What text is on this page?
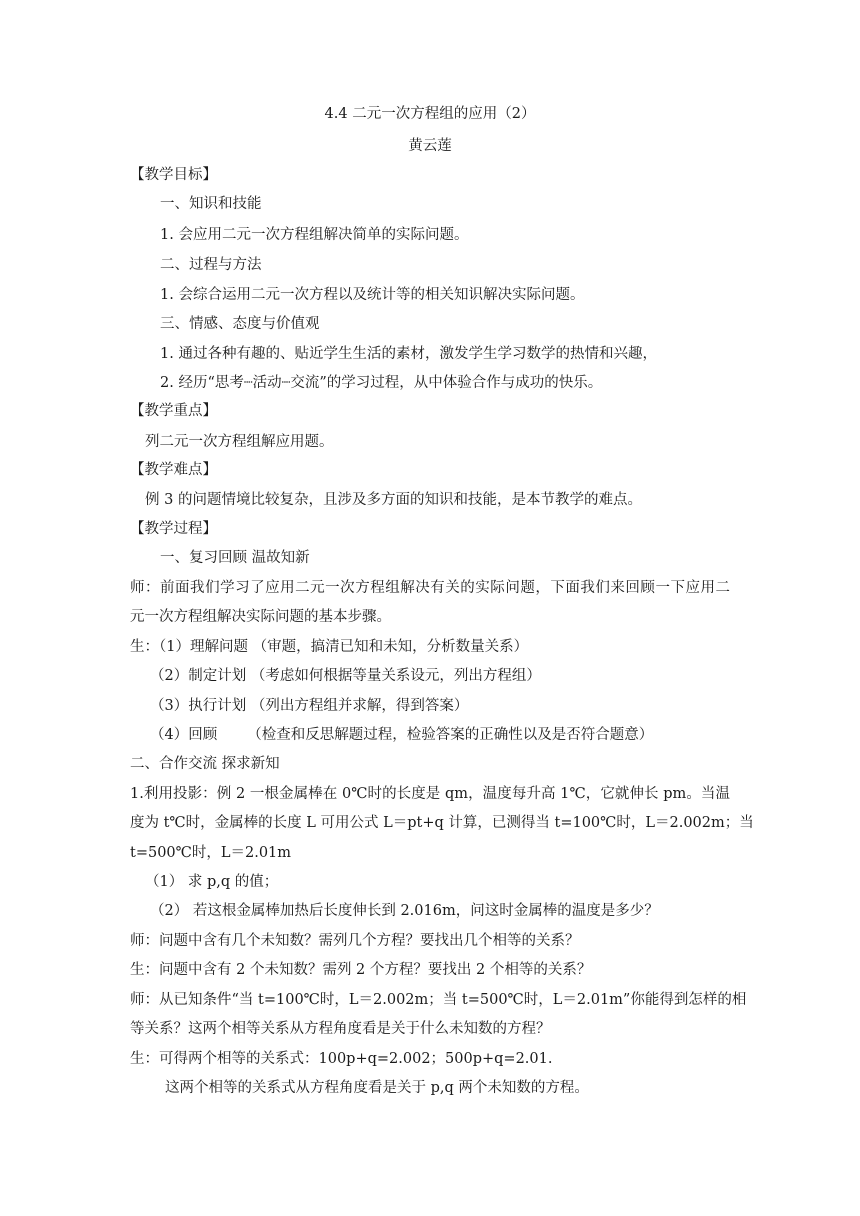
4.4 二元一次方程组的应用（2）
黄云莲
【教学目标】
一、知识和技能
1. 会应用二元一次方程组解决简单的实际问题。
二、过程与方法
1. 会综合运用二元一次方程以及统计等的相关知识解决实际问题。
三、情感、态度与价值观
1. 通过各种有趣的、贴近学生生活的素材，激发学生学习数学的热情和兴趣，
2. 经历“思考┈活动┈交流”的学习过程，从中体验合作与成功的快乐。
【教学重点】
列二元一次方程组解应用题。
【教学难点】
例 3 的问题情境比较复杂，且涉及多方面的知识和技能，是本节教学的难点。
【教学过程】
一、复习回顾 温故知新
师：前面我们学习了应用二元一次方程组解决有关的实际问题，下面我们来回顾一下应用二
元一次方程组解决实际问题的基本步骤。
生：（1）理解问题 （审题，搞清已知和未知，分析数量关系）
（2）制定计划 （考虑如何根据等量关系设元，列出方程组）
（3）执行计划 （列出方程组并求解，得到答案）
（4）回顾 （检查和反思解题过程，检验答案的正确性以及是否符合题意）
二、合作交流 探求新知
1.利用投影：例 2 一根金属棒在 0℃时的长度是 qm，温度每升高 1℃，它就伸长 pm。当温
度为 t℃时，金属棒的长度 L 可用公式 L＝pt+q 计算，已测得当 t=100℃时，L＝2.002m；当
t=500℃时，L＝2.01m
（1） 求 p,q 的值；
（2） 若这根金属棒加热后长度伸长到 2.016m，问这时金属棒的温度是多少？
师：问题中含有几个未知数？需列几个方程？要找出几个相等的关系？
生：问题中含有 2 个未知数？需列 2 个方程？要找出 2 个相等的关系？
师：从已知条件“当 t=100℃时，L＝2.002m；当 t=500℃时，L＝2.01m”你能得到怎样的相
等关系？这两个相等关系从方程角度看是关于什么未知数的方程？
生：可得两个相等的关系式：100p+q=2.002；500p+q=2.01.
这两个相等的关系式从方程角度看是关于 p,q 两个未知数的方程。
